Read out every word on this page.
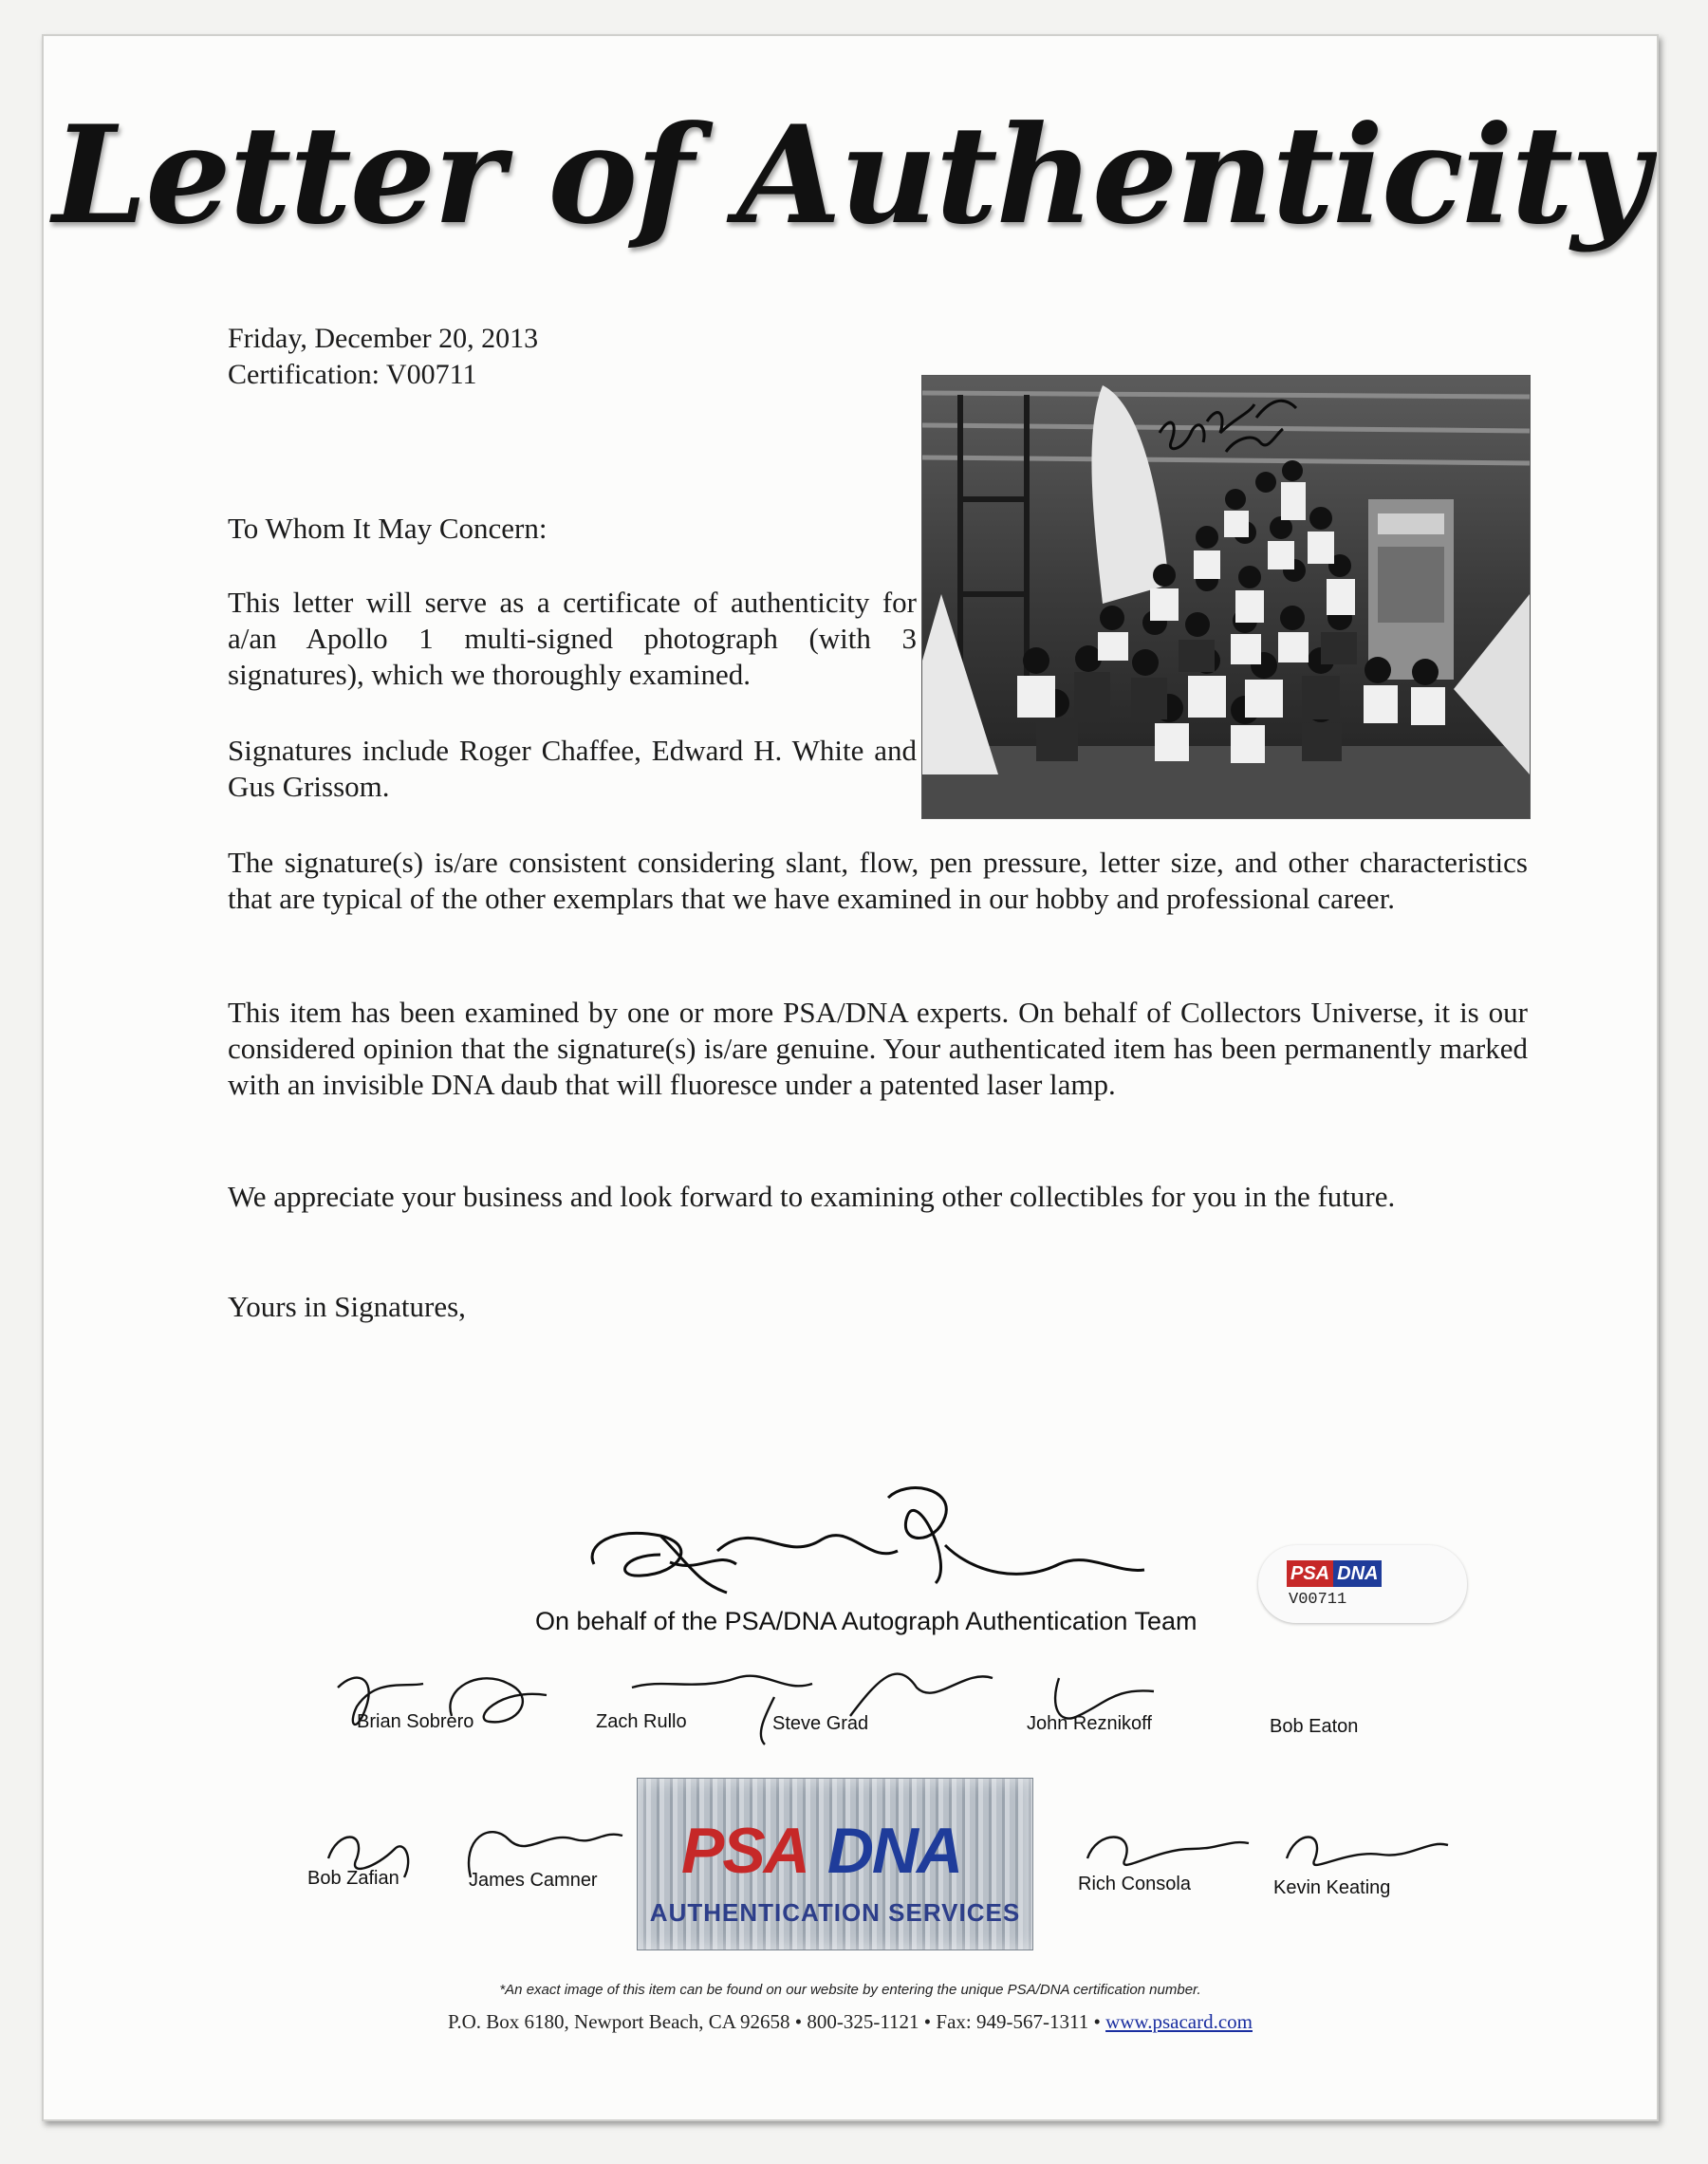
Letter of Authenticity
Friday, December 20, 2013
Certification: V00711
To Whom It May Concern:
This letter will serve as a certificate of authenticity for a/an Apollo 1 multi-signed photograph (with 3 signatures), which we thoroughly examined.
Signatures include Roger Chaffee, Edward H. White and Gus Grissom.
The signature(s) is/are consistent considering slant, flow, pen pressure, letter size, and other characteristics that are typical of the other exemplars that we have examined in our hobby and professional career.
This item has been examined by one or more PSA/DNA experts. On behalf of Collectors Universe, it is our considered opinion that the signature(s) is/are genuine. Your authenticated item has been permanently marked with an invisible DNA daub that will fluoresce under a patented laser lamp.
We appreciate your business and look forward to examining other collectibles for you in the future.
Yours in Signatures,
PSA DNA
V00711
On behalf of the PSA/DNA Autograph Authentication Team
Brian Sobrero	Zach Rullo	Steve Grad	John Reznikoff	Bob Eaton
PSA DNA
AUTHENTICATION SERVICES
Bob Zafian	James Camner	Rich Consola	Kevin Keating
*An exact image of this item can be found on our website by entering the unique PSA/DNA certification number.
P.O. Box 6180, Newport Beach, CA 92658 • 800-325-1121 • Fax: 949-567-1311 • www.psacard.com
